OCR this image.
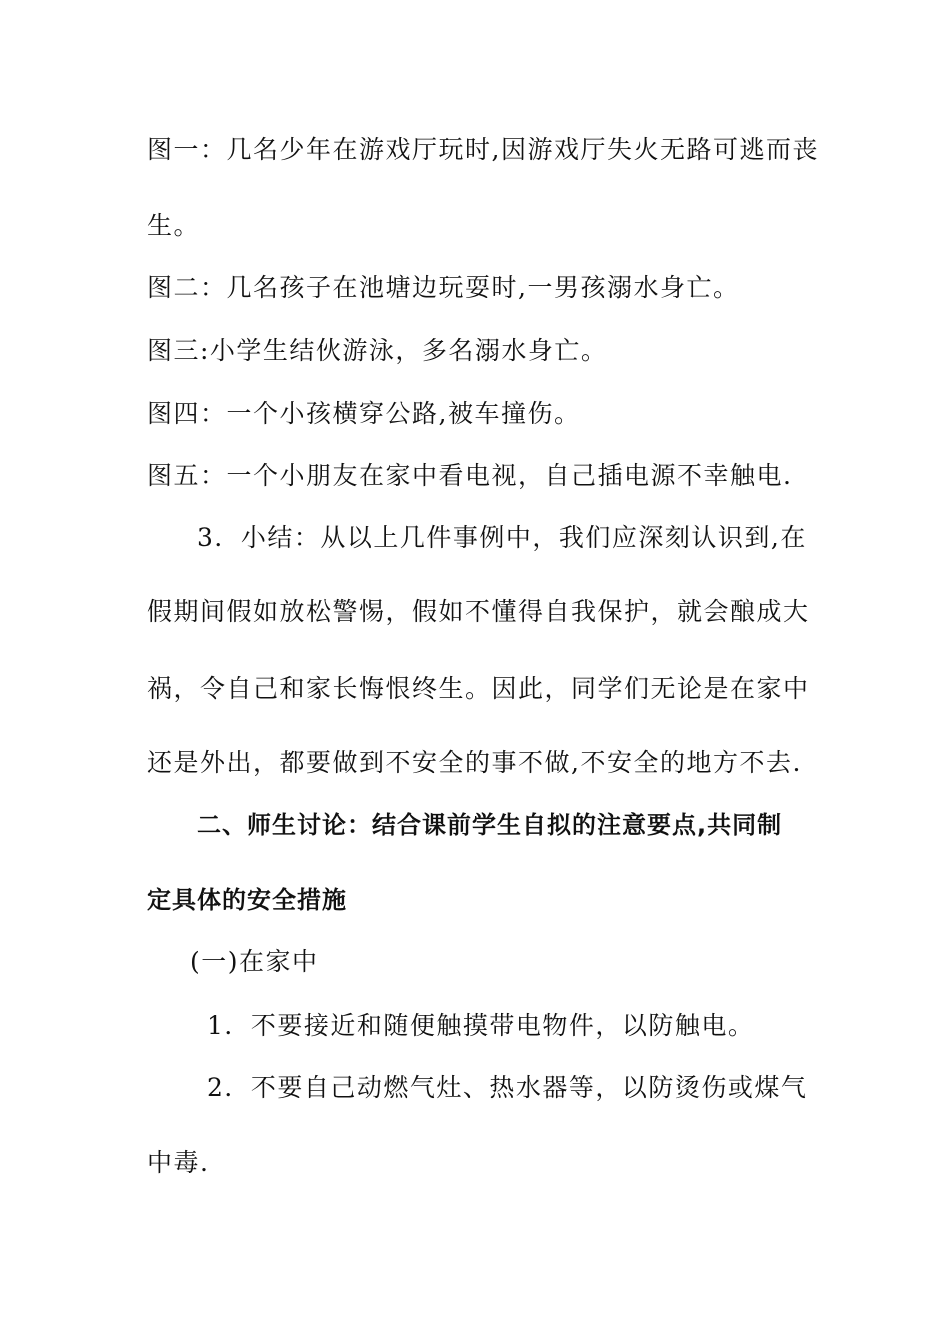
图一：几名少年在游戏厅玩时,因游戏厅失火无路可逃而丧
生。
图二：几名孩子在池塘边玩耍时,一男孩溺水身亡。
图三:小学生结伙游泳，多名溺水身亡。
图四：一个小孩横穿公路,被车撞伤。
图五：一个小朋友在家中看电视，自己插电源不幸触电.
3．小结：从以上几件事例中，我们应深刻认识到,在
假期间假如放松警惕，假如不懂得自我保护，就会酿成大
祸，令自己和家长悔恨终生。因此，同学们无论是在家中
还是外出，都要做到不安全的事不做,不安全的地方不去.
二、师生讨论：结合课前学生自拟的注意要点,共同制
定具体的安全措施
(一)在家中
1．不要接近和随便触摸带电物件，以防触电。
2．不要自己动燃气灶、热水器等，以防烫伤或煤气
中毒.
